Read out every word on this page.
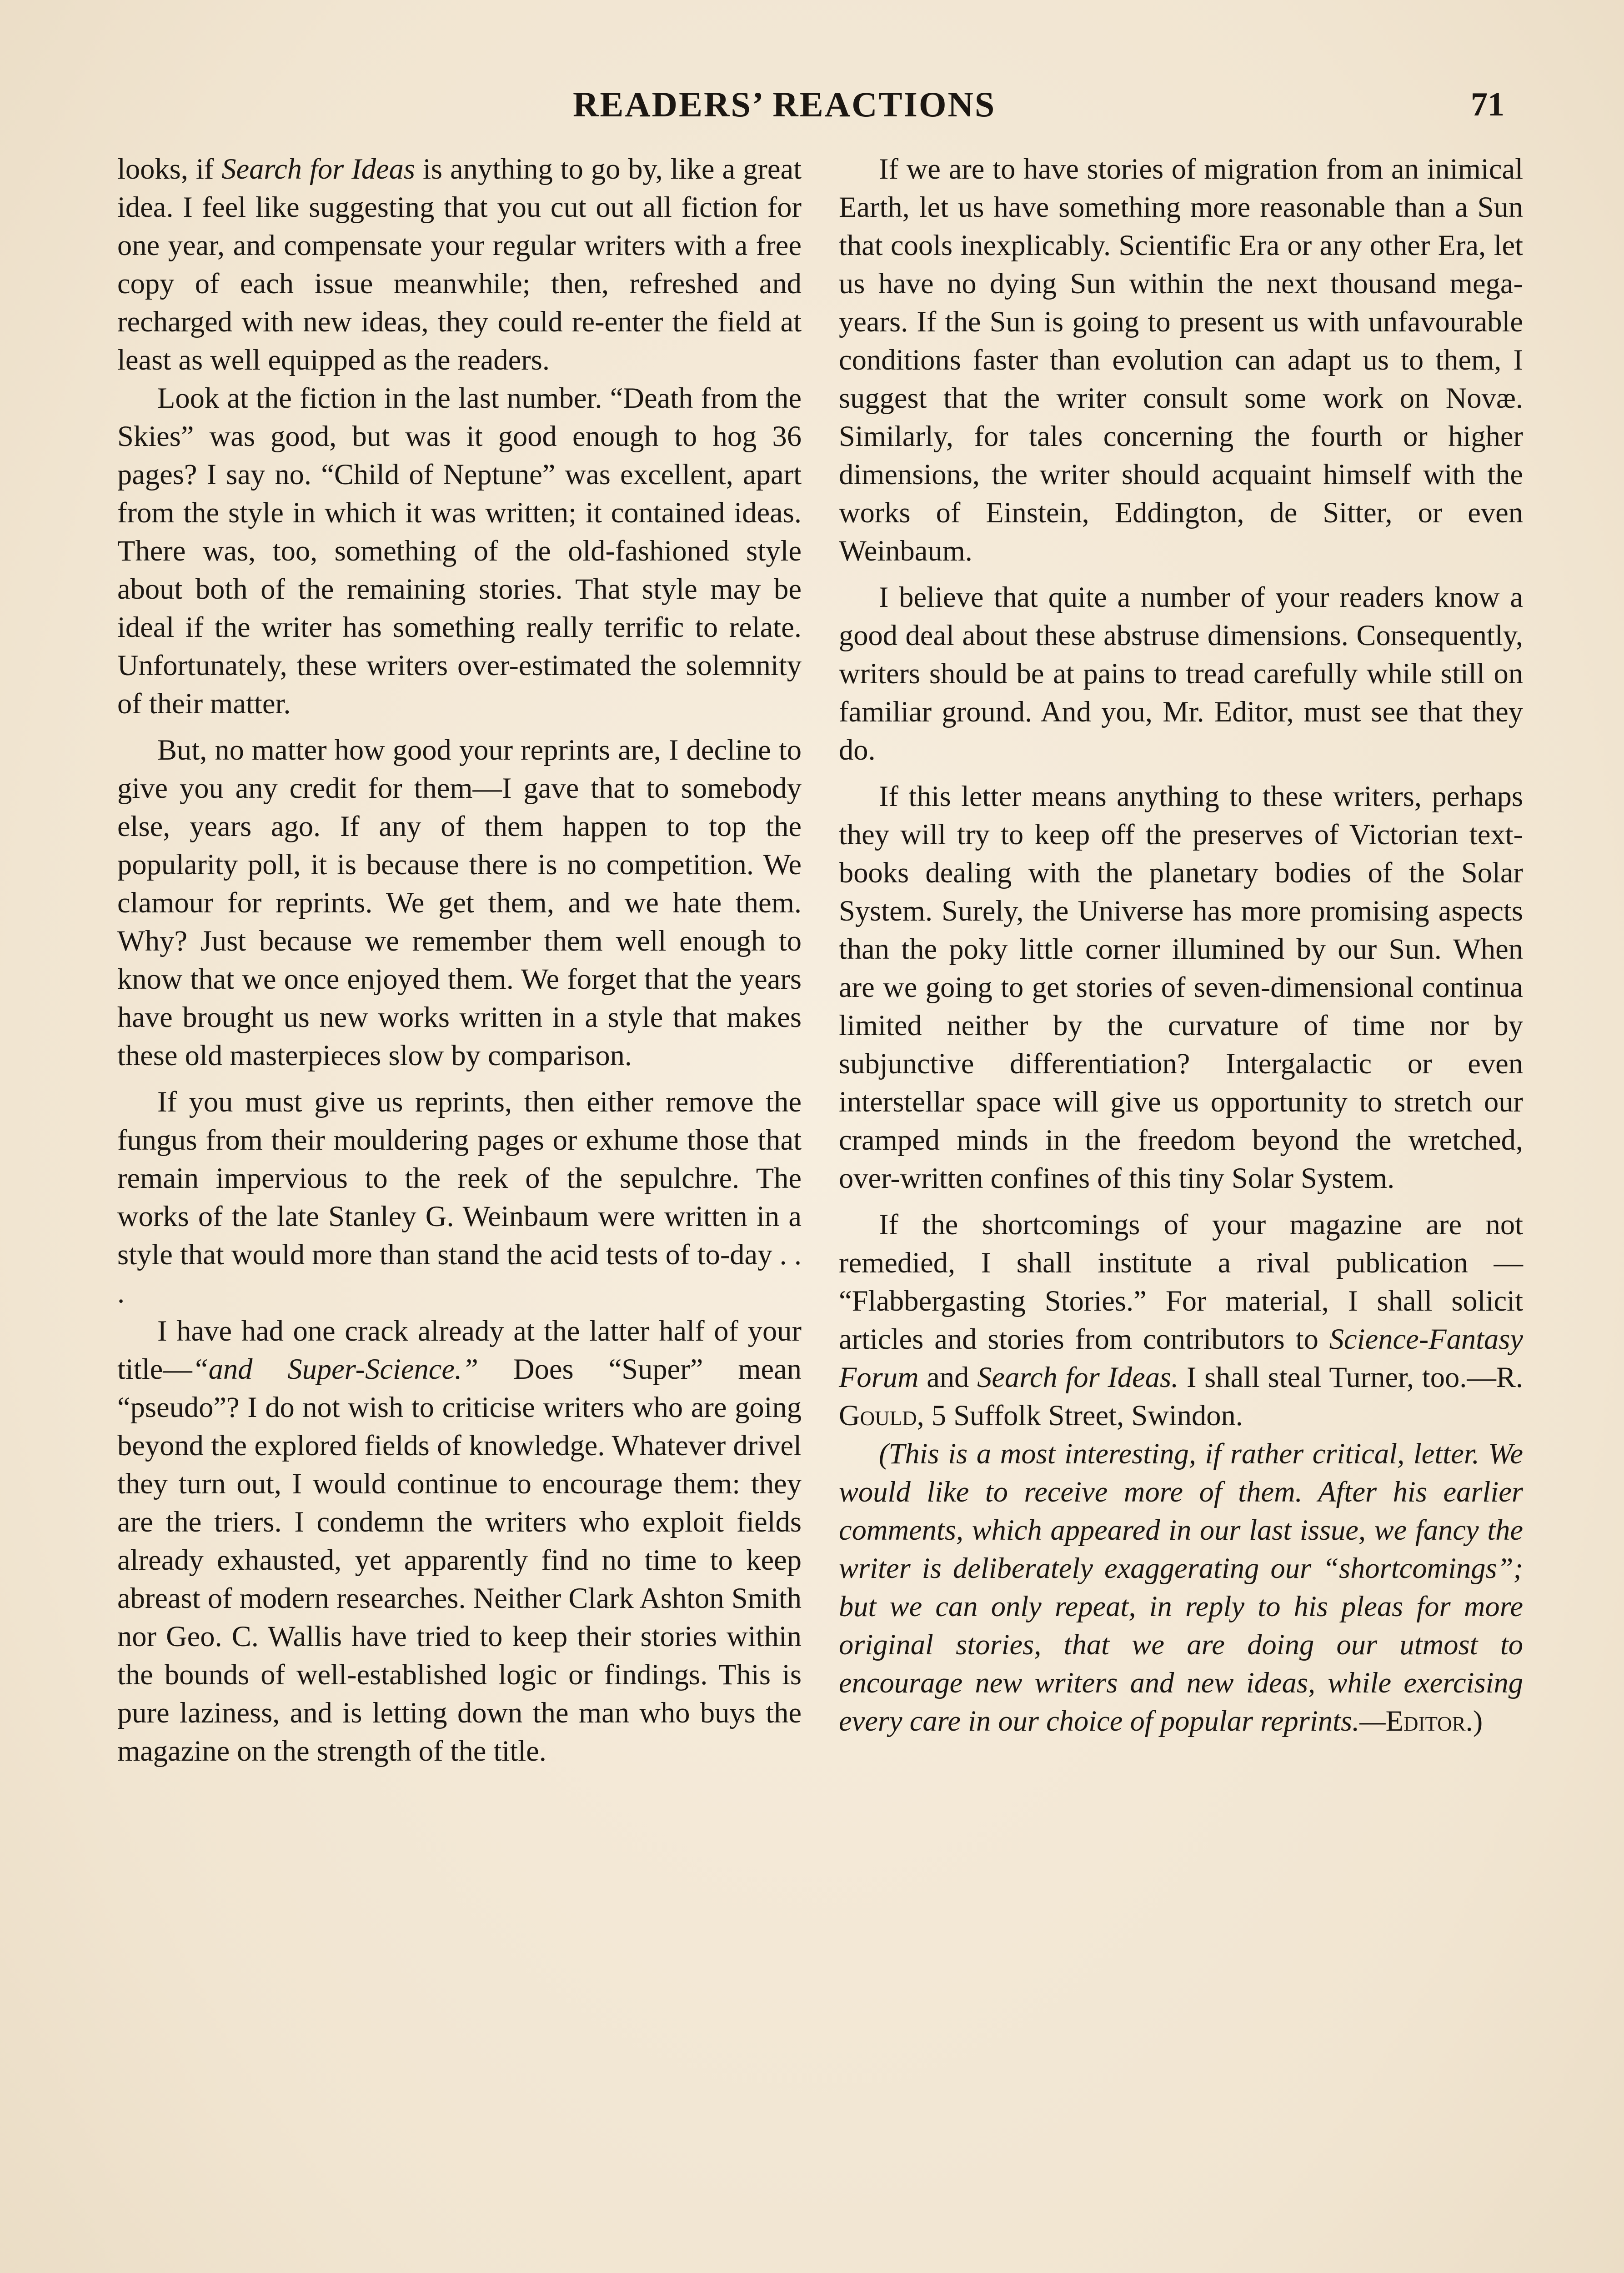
READERS’ REACTIONS	71

looks, if Search for Ideas is anything to go by, like a great idea. I feel like suggesting that you cut out all fiction for one year, and compensate your regular writers with a free copy of each issue meanwhile; then, refreshed and recharged with new ideas, they could re-enter the field at least as well equipped as the readers.

Look at the fiction in the last number. “Death from the Skies” was good, but was it good enough to hog 36 pages? I say no. “Child of Neptune” was excellent, apart from the style in which it was written; it contained ideas. There was, too, something of the old-fashioned style about both of the remaining stories. That style may be ideal if the writer has something really terrific to relate. Unfortunately, these writers over-estimated the solemnity of their matter.

But, no matter how good your reprints are, I decline to give you any credit for them—I gave that to somebody else, years ago. If any of them happen to top the popularity poll, it is because there is no competition. We clamour for reprints. We get them, and we hate them. Why? Just because we remember them well enough to know that we once enjoyed them. We forget that the years have brought us new works written in a style that makes these old masterpieces slow by comparison.

If you must give us reprints, then either remove the fungus from their mouldering pages or exhume those that remain impervious to the reek of the sepulchre. The works of the late Stanley G. Weinbaum were written in a style that would more than stand the acid tests of to-day . . .

I have had one crack already at the latter half of your title—“and Super-Science.” Does “Super” mean “pseudo”? I do not wish to criticise writers who are going beyond the explored fields of knowledge. Whatever drivel they turn out, I would continue to encourage them: they are the triers. I condemn the writers who exploit fields already exhausted, yet apparently find no time to keep abreast of modern researches. Neither Clark Ashton Smith nor Geo. C. Wallis have tried to keep their stories within the bounds of well-established logic or findings. This is pure laziness, and is letting down the man who buys the magazine on the strength of the title.

If we are to have stories of migration from an inimical Earth, let us have something more reasonable than a Sun that cools inexplicably. Scientific Era or any other Era, let us have no dying Sun within the next thousand mega-years. If the Sun is going to present us with unfavourable conditions faster than evolution can adapt us to them, I suggest that the writer consult some work on Novæ. Similarly, for tales concerning the fourth or higher dimensions, the writer should acquaint himself with the works of Einstein, Eddington, de Sitter, or even Weinbaum.

I believe that quite a number of your readers know a good deal about these abstruse dimensions. Consequently, writers should be at pains to tread carefully while still on familiar ground. And you, Mr. Editor, must see that they do.

If this letter means anything to these writers, perhaps they will try to keep off the preserves of Victorian text-books dealing with the planetary bodies of the Solar System. Surely, the Universe has more promising aspects than the poky little corner illumined by our Sun. When are we going to get stories of seven-dimensional continua limited neither by the curvature of time nor by subjunctive differentiation? Intergalactic or even interstellar space will give us opportunity to stretch our cramped minds in the freedom beyond the wretched, over-written confines of this tiny Solar System.

If the shortcomings of your magazine are not remedied, I shall institute a rival publication — “Flabbergasting Stories.” For material, I shall solicit articles and stories from contributors to Science-Fantasy Forum and Search for Ideas. I shall steal Turner, too.—R. Gould, 5 Suffolk Street, Swindon.

(This is a most interesting, if rather critical, letter. We would like to receive more of them. After his earlier comments, which appeared in our last issue, we fancy the writer is deliberately exaggerating our “shortcomings”; but we can only repeat, in reply to his pleas for more original stories, that we are doing our utmost to encourage new writers and new ideas, while exercising every care in our choice of popular reprints.—Editor.)
